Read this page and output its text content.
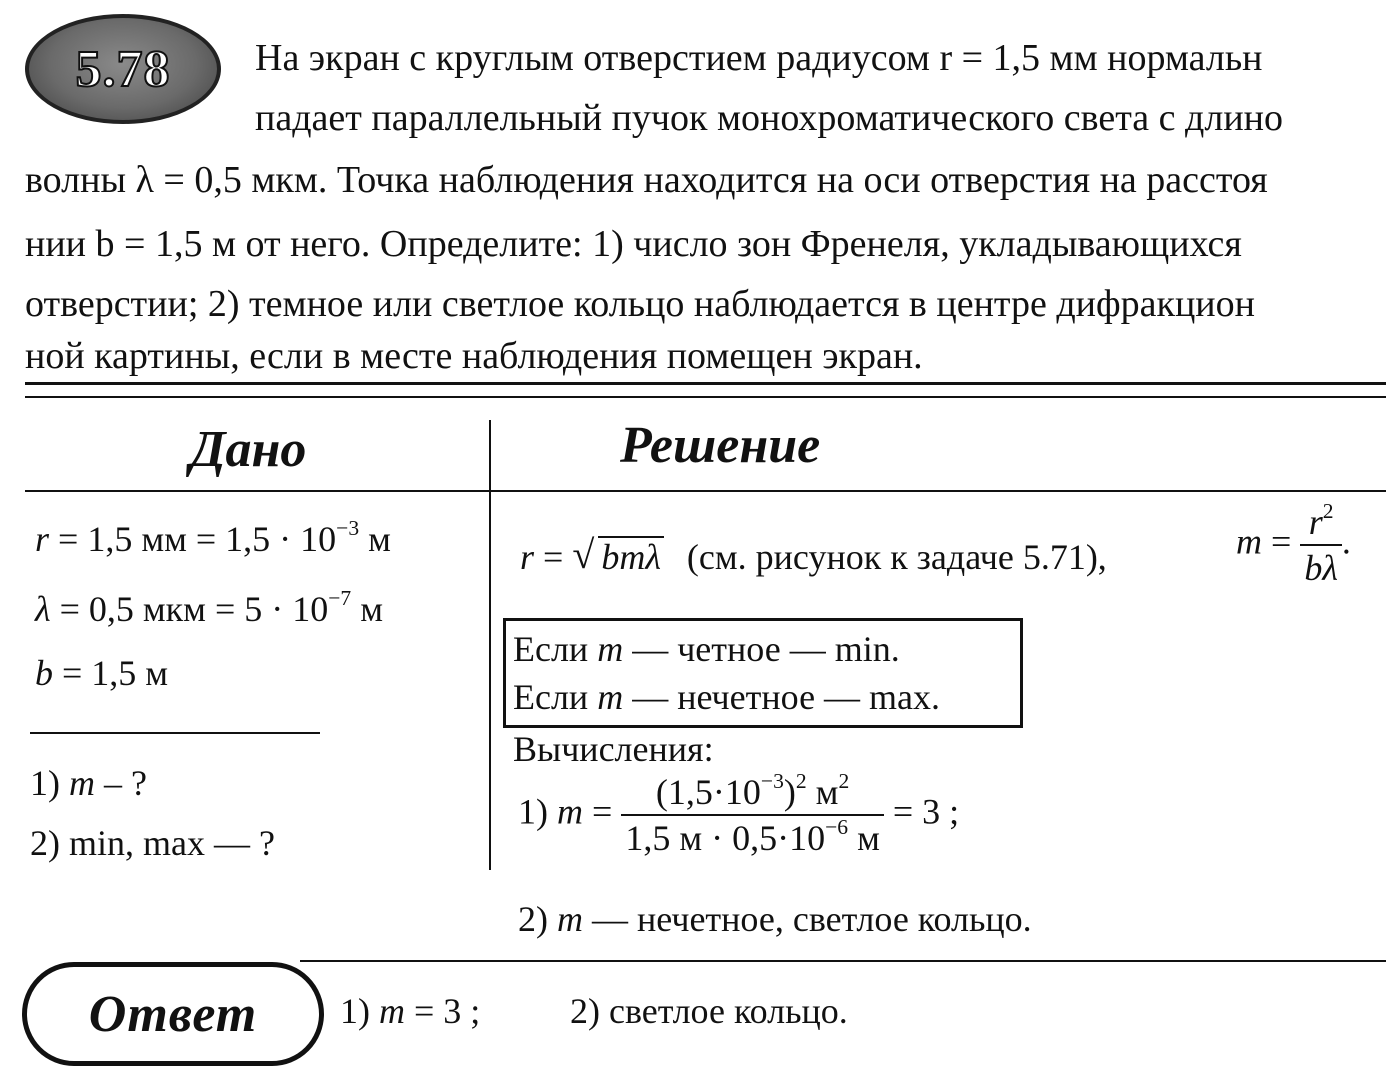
5.78 На экран с круглым отверстием радиусом r = 1,5 мм нормальн
падает параллельный пучок монохроматического света с длино
волны λ = 0,5 мкм. Точка наблюдения находится на оси отверстия на расстоя
нии b = 1,5 м от него. Определите: 1) число зон Френеля, укладывающихся
отверстии; 2) темное или светлое кольцо наблюдается в центре дифракцион
ной картины, если в месте наблюдения помещен экран.
Дано	Решение
r = 1,5 мм = $1,5 \cdot 10^{-3}$ м
λ = 0,5 мкм = $5 \cdot 10^{-7}$ м
b = 1,5 м
1) m – ?
2) min, max — ?
r = √ bmλ (см. рисунок к задаче 5.71),	$m = \frac{r^2}{b\lambda}$ .
Если m — четное — min.
Если m — нечетное — max.
Вычисления:
1) $m = \frac{(1,5\cdot 10^{-3})^2 м^2}{1,5 м \cdot 0,5\cdot 10^{-6} м} = 3$ ;
2) m — нечетное, светлое кольцо.
Ответ 1) m = 3 ; 2) светлое кольцо.
